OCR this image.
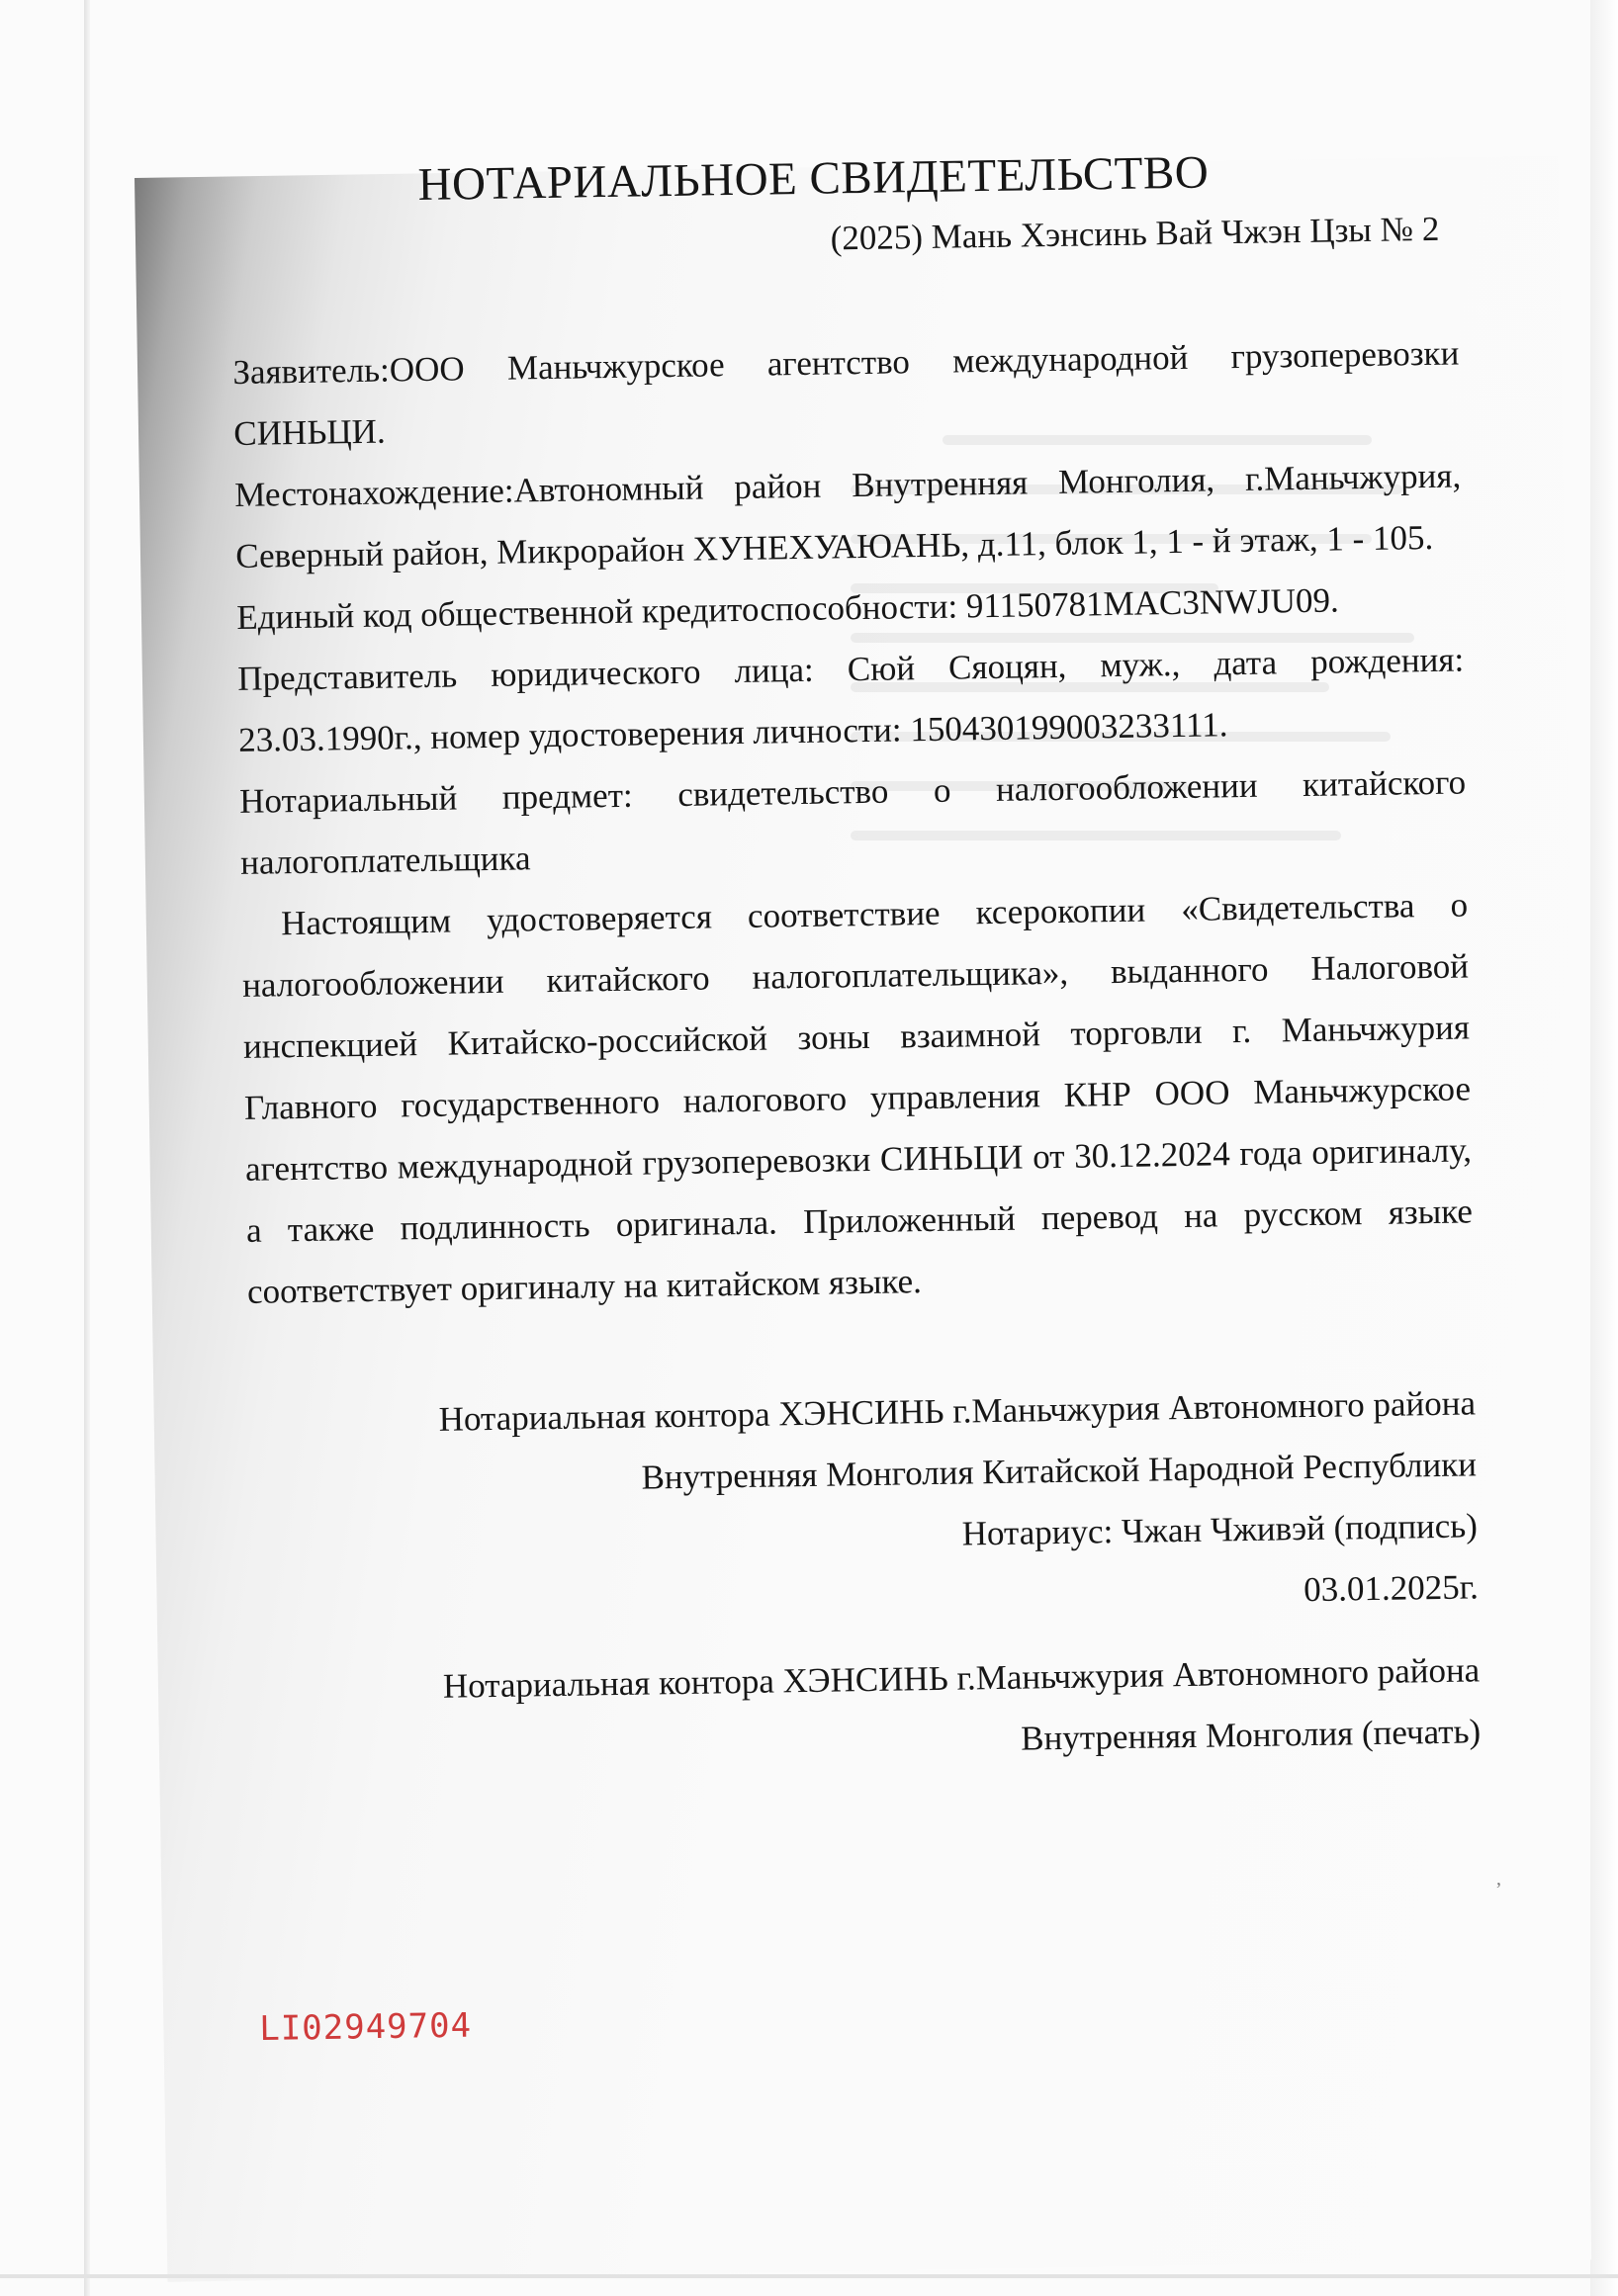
НОТАРИАЛЬНОЕ СВИДЕТЕЛЬСТВО
(2025) Мань Хэнсинь Вай Чжэн Цзы № 2

Заявитель:ООО Маньчжурское агентство международной грузоперевозки СИНЬЦИ.

Местонахождение:Автономный район Внутренняя Монголия, г.Маньчжурия, Северный район, Микрорайон ХУНЕХУАЮАНЬ, д.11, блок 1, 1 - й этаж, 1 - 105.

Единый код общественной кредитоспособности: 91150781MAC3NWJU09.

Представитель юридического лица: Сюй Сяоцян, муж., дата рождения: 23.03.1990г., номер удостоверения личности: 150430199003233111.

Нотариальный предмет: свидетельство о налогообложении китайского налогоплательщика

Настоящим удостоверяется соответствие ксерокопии «Свидетельства о налогообложении китайского налогоплательщика», выданного Налоговой инспекцией Китайско-российской зоны взаимной торговли г. Маньчжурия Главного государственного налогового управления КНР ООО Маньчжурское агентство международной грузоперевозки СИНЬЦИ от 30.12.2024 года оригиналу, а также подлинность оригинала. Приложенный перевод на русском языке соответствует оригиналу на китайском языке.

Нотариальная контора ХЭНСИНЬ г.Маньчжурия Автономного района
Внутренняя Монголия Китайской Народной Республики
Нотариус: Чжан Чживэй (подпись)
03.01.2025г.
Нотариальная контора ХЭНСИНЬ г.Маньчжурия Автономного района
Внутренняя Монголия (печать)
LI02949704
,
